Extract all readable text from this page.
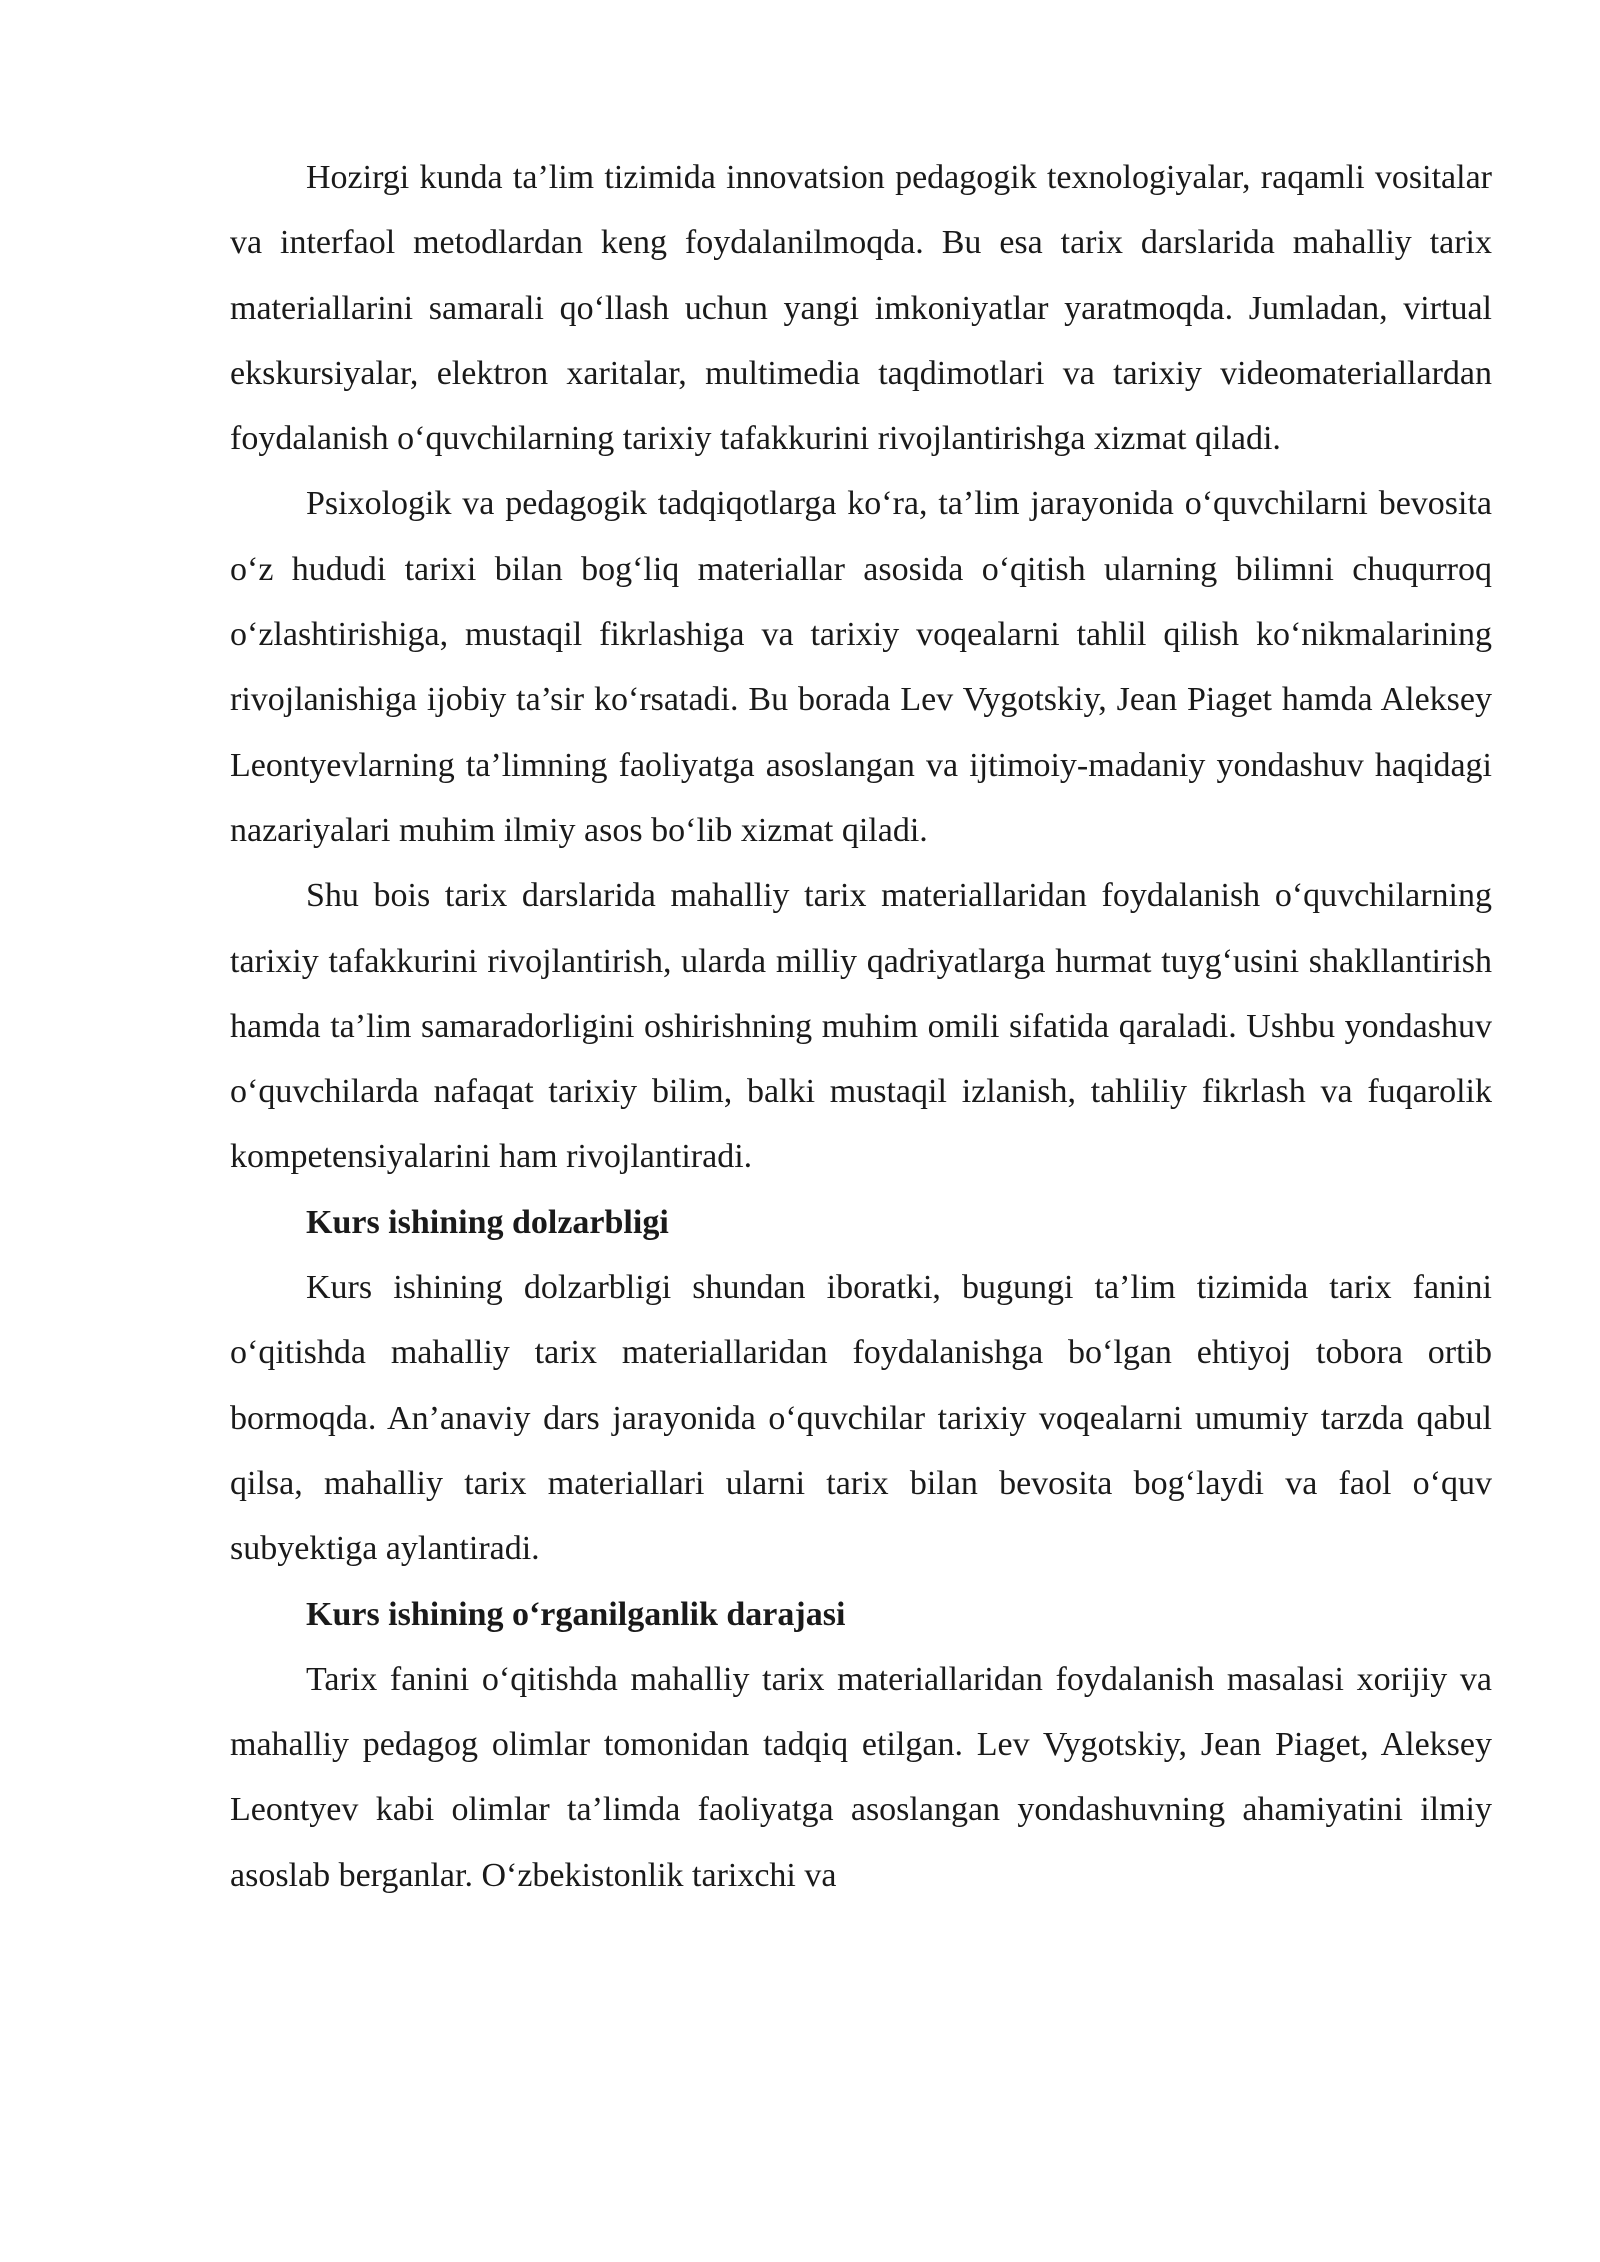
Hozirgi kunda ta’lim tizimida innovatsion pedagogik texnologiyalar, raqamli vositalar va interfaol metodlardan keng foydalanilmoqda. Bu esa tarix darslarida mahalliy tarix materiallarini samarali qo‘llash uchun yangi imkoniyatlar yaratmoqda. Jumladan, virtual ekskursiyalar, elektron xaritalar, multimedia taqdimotlari va tarixiy videomateriallardan foydalanish o‘quvchilarning tarixiy tafakkurini rivojlantirishga xizmat qiladi.

Psixologik va pedagogik tadqiqotlarga ko‘ra, ta’lim jarayonida o‘quvchilarni bevosita o‘z hududi tarixi bilan bog‘liq materiallar asosida o‘qitish ularning bilimni chuqurroq o‘zlashtirishiga, mustaqil fikrlashiga va tarixiy voqealarni tahlil qilish ko‘nikmalarining rivojlanishiga ijobiy ta’sir ko‘rsatadi. Bu borada Lev Vygotskiy, Jean Piaget hamda Aleksey Leontyevlarning ta’limning faoliyatga asoslangan va ijtimoiy-madaniy yondashuv haqidagi nazariyalari muhim ilmiy asos bo‘lib xizmat qiladi.

Shu bois tarix darslarida mahalliy tarix materiallaridan foydalanish o‘quvchilarning tarixiy tafakkurini rivojlantirish, ularda milliy qadriyatlarga hurmat tuyg‘usini shakllantirish hamda ta’lim samaradorligini oshirishning muhim omili sifatida qaraladi. Ushbu yondashuv o‘quvchilarda nafaqat tarixiy bilim, balki mustaqil izlanish, tahliliy fikrlash va fuqarolik kompetensiyalarini ham rivojlantiradi.

Kurs ishining dolzarbligi

Kurs ishining dolzarbligi shundan iboratki, bugungi ta’lim tizimida tarix fanini o‘qitishda mahalliy tarix materiallaridan foydalanishga bo‘lgan ehtiyoj tobora ortib bormoqda. An’anaviy dars jarayonida o‘quvchilar tarixiy voqealarni umumiy tarzda qabul qilsa, mahalliy tarix materiallari ularni tarix bilan bevosita bog‘laydi va faol o‘quv subyektiga aylantiradi.

Kurs ishining o‘rganilganlik darajasi

Tarix fanini o‘qitishda mahalliy tarix materiallaridan foydalanish masalasi xorijiy va mahalliy pedagog olimlar tomonidan tadqiq etilgan. Lev Vygotskiy, Jean Piaget, Aleksey Leontyev kabi olimlar ta’limda faoliyatga asoslangan yondashuvning ahamiyatini ilmiy asoslab berganlar. O‘zbekistonlik tarixchi va
